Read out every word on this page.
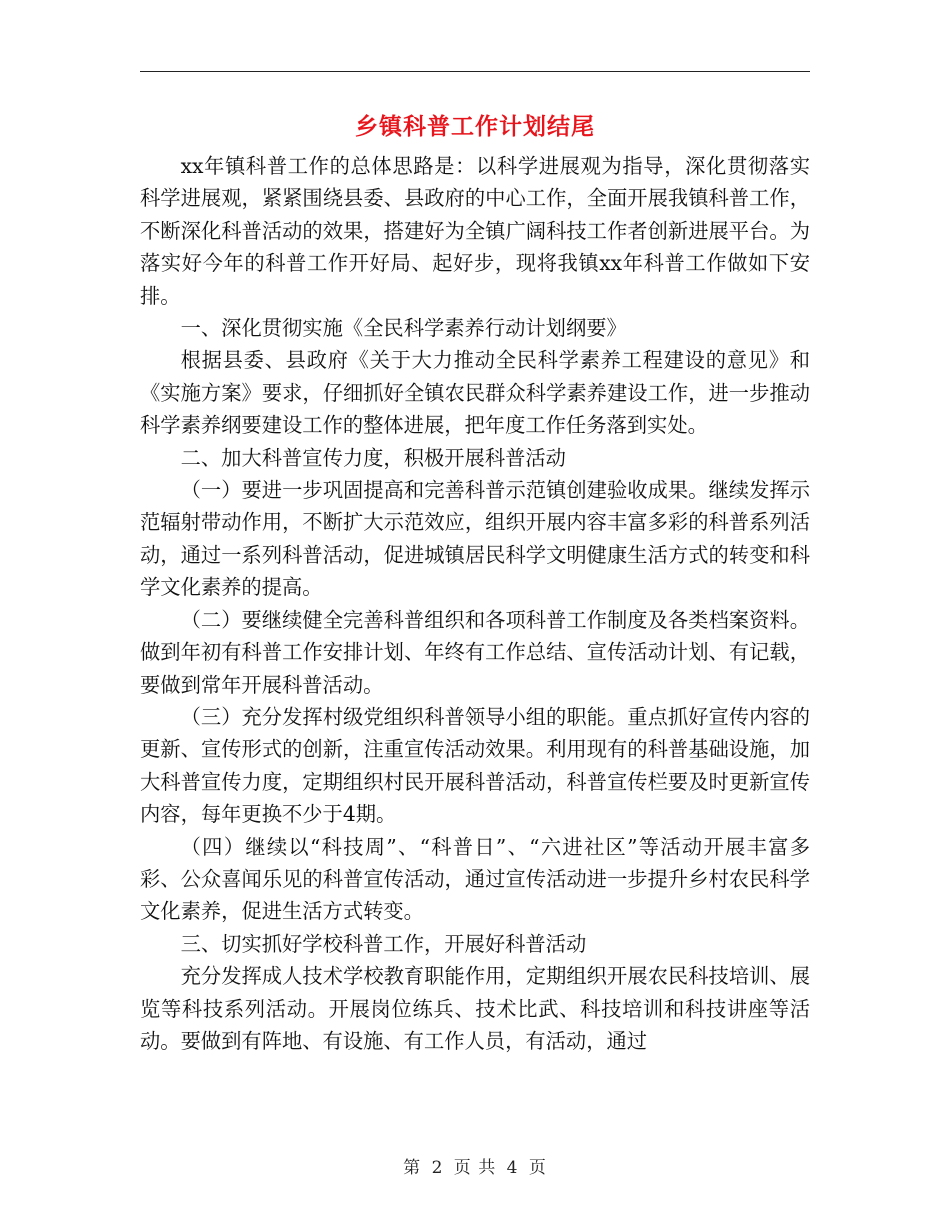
乡镇科普工作计划结尾

xx年镇科普工作的总体思路是：以科学进展观为指导，深化贯彻落实科学进展观，紧紧围绕县委、县政府的中心工作，全面开展我镇科普工作，不断深化科普活动的效果，搭建好为全镇广阔科技工作者创新进展平台。为落实好今年的科普工作开好局、起好步，现将我镇xx年科普工作做如下安排。

一、深化贯彻实施《全民科学素养行动计划纲要》

根据县委、县政府《关于大力推动全民科学素养工程建设的意见》和《实施方案》要求，仔细抓好全镇农民群众科学素养建设工作，进一步推动科学素养纲要建设工作的整体进展，把年度工作任务落到实处。

二、加大科普宣传力度，积极开展科普活动

（一）要进一步巩固提高和完善科普示范镇创建验收成果。继续发挥示范辐射带动作用，不断扩大示范效应，组织开展内容丰富多彩的科普系列活动，通过一系列科普活动，促进城镇居民科学文明健康生活方式的转变和科学文化素养的提高。

（二）要继续健全完善科普组织和各项科普工作制度及各类档案资料。做到年初有科普工作安排计划、年终有工作总结、宣传活动计划、有记载，要做到常年开展科普活动。

（三）充分发挥村级党组织科普领导小组的职能。重点抓好宣传内容的更新、宣传形式的创新，注重宣传活动效果。利用现有的科普基础设施，加大科普宣传力度，定期组织村民开展科普活动，科普宣传栏要及时更新宣传内容，每年更换不少于4期。

（四）继续以“科技周”、“科普日”、“六进社区”等活动开展丰富多彩、公众喜闻乐见的科普宣传活动，通过宣传活动进一步提升乡村农民科学文化素养，促进生活方式转变。

三、切实抓好学校科普工作，开展好科普活动

充分发挥成人技术学校教育职能作用，定期组织开展农民科技培训、展览等科技系列活动。开展岗位练兵、技术比武、科技培训和科技讲座等活动。要做到有阵地、有设施、有工作人员，有活动，通过

第 2 页 共 4 页
